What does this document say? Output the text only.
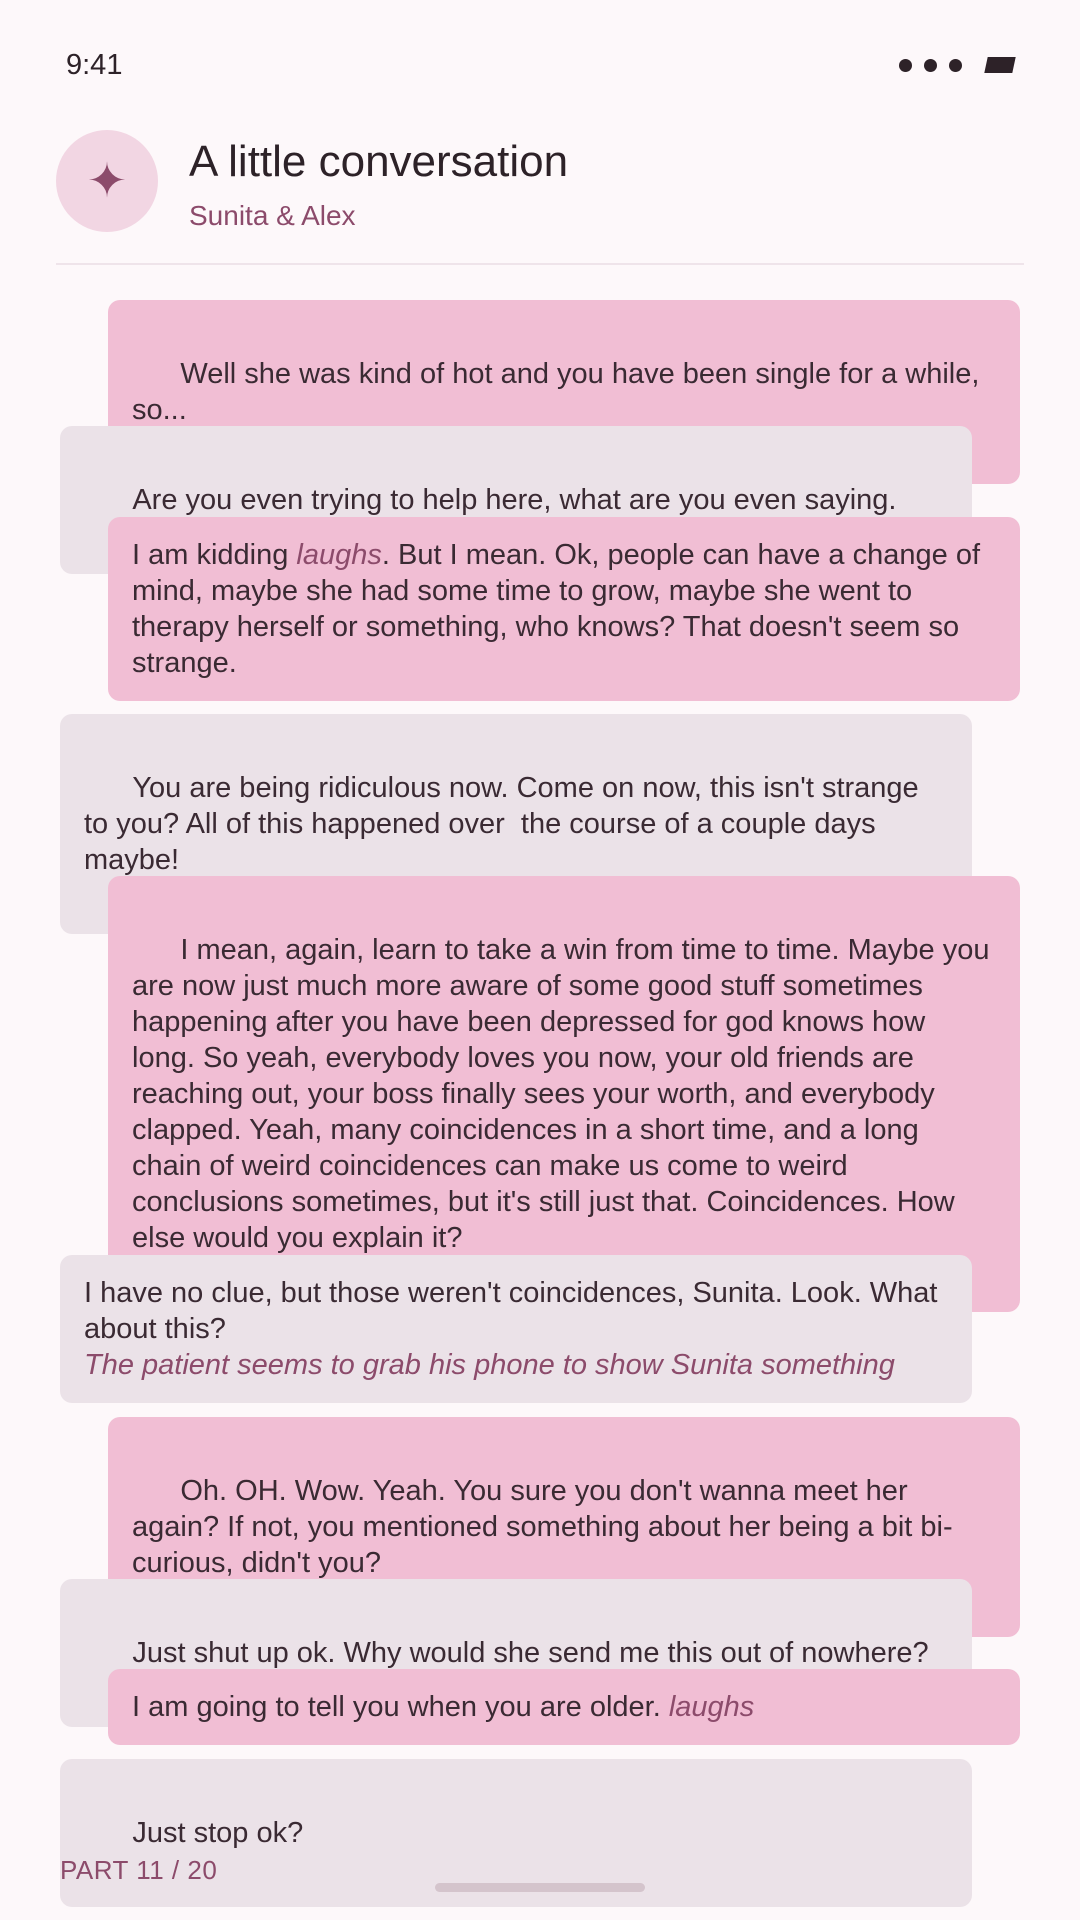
9:41
✦	A little conversation
Sunita & Alex

Well she was kind of hot and you have been single for a while, so...

Are you even trying to help here, what are you even saying.

I am kidding laughs. But I mean. Ok, people can have a change of mind, maybe she had some time to grow, maybe she went to therapy herself or something, who knows? That doesn't seem so strange.

You are being ridiculous now. Come on now, this isn't strange to you? All of this happened over  the course of a couple days maybe!

I mean, again, learn to take a win from time to time. Maybe you are now just much more aware of some good stuff sometimes happening after you have been depressed for god knows how long. So yeah, everybody loves you now, your old friends are reaching out, your boss finally sees your worth, and everybody clapped. Yeah, many coincidences in a short time, and a long chain of weird coincidences can make us come to weird conclusions sometimes, but it's still just that. Coincidences. How else would you explain it?

I have no clue, but those weren't coincidences, Sunita. Look. What about this?
The patient seems to grab his phone to show Sunita something

Oh. OH. Wow. Yeah. You sure you don't wanna meet her again? If not, you mentioned something about her being a bit bi-curious, didn't you?

Just shut up ok. Why would she send me this out of nowhere?

I am going to tell you when you are older. laughs

Just stop ok?

PART 11 / 20
